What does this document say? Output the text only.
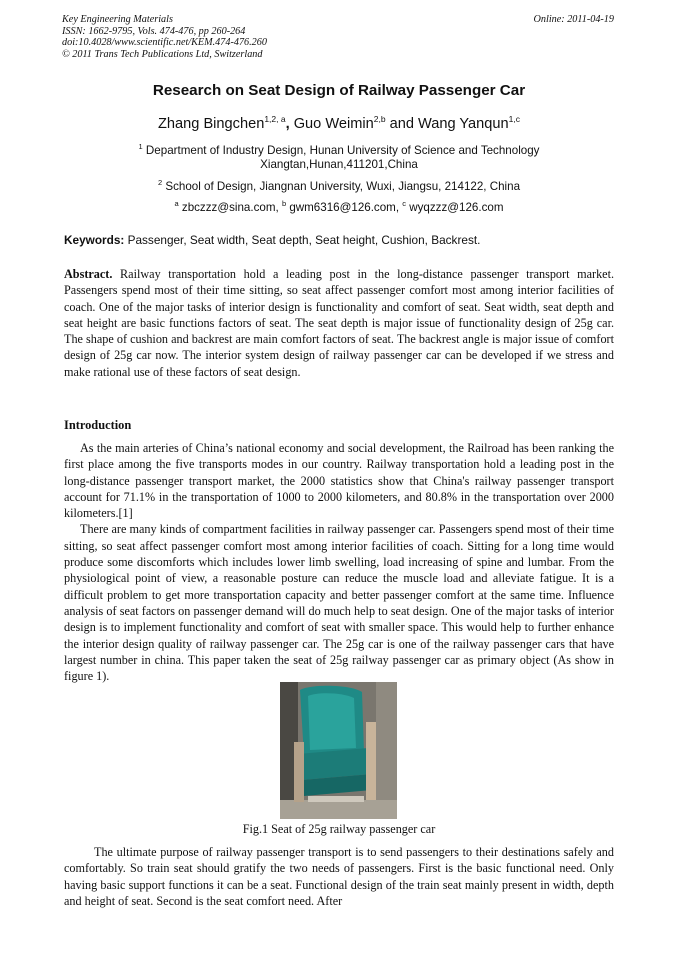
Key Engineering Materials
ISSN: 1662-9795, Vols. 474-476, pp 260-264
doi:10.4028/www.scientific.net/KEM.474-476.260
© 2011 Trans Tech Publications Ltd, Switzerland
Online: 2011-04-19
Research on Seat Design of Railway Passenger Car
Zhang Bingchen$^{1,2, a}$, Guo Weimin$^{2,b}$ and Wang Yanqun$^{1,c}$
$^1$ Department of Industry Design, Hunan University of Science and Technology
Xiangtan,Hunan,411201,China
$^2$ School of Design, Jiangnan University, Wuxi, Jiangsu, 214122, China
$^a$ zbczzz@sina.com, $^b$ gwm6316@126.com, $^c$ wyqzzz@126.com
Keywords: Passenger, Seat width, Seat depth, Seat height, Cushion, Backrest.

Abstract. Railway transportation hold a leading post in the long-distance passenger transport market. Passengers spend most of their time sitting, so seat affect passenger comfort most among interior facilities of coach. One of the major tasks of interior design is functionality and comfort of seat. Seat width, seat depth and seat height are basic functions factors of seat. The seat depth is major issue of functionality design of 25g car. The shape of cushion and backrest are main comfort factors of seat. The backrest angle is major issue of comfort design of 25g car now. The interior system design of railway passenger car can be developed if we stress and make rational use of these factors of seat design.

Introduction

As the main arteries of China’s national economy and social development, the Railroad has been ranking the first place among the five transports modes in our country. Railway transportation hold a leading post in the long-distance passenger transport market, the 2000 statistics show that China's railway passenger transport account for 71.1% in the transportation of 1000 to 2000 kilometers, and 80.8% in the transportation over 2000 kilometers.[1]

There are many kinds of compartment facilities in railway passenger car. Passengers spend most of their time sitting, so seat affect passenger comfort most among interior facilities of coach. Sitting for a long time would produce some discomforts which includes lower limb swelling, load increasing of spine and lumbar. From the physiological point of view, a reasonable posture can reduce the muscle load and alleviate fatigue. It is a difficult problem to get more transportation capacity and better passenger comfort at the same time. Influence analysis of seat factors on passenger demand will do much help to seat design. One of the major tasks of interior design is to implement functionality and comfort of seat with smaller space. This would help to further enhance the interior design quality of railway passenger car. The 25g car is one of the railway passenger cars that have largest number in china. This paper taken the seat of 25g railway passenger car as primary object (As show in figure 1).

Fig.1 Seat of 25g railway passenger car

The ultimate purpose of railway passenger transport is to send passengers to their destinations safely and comfortably. So train seat should gratify the two needs of passengers. First is the basic functional need. Only having basic support functions it can be a seat. Functional design of the train seat mainly present in width, depth and height of seat. Second is the seat comfort need. After
